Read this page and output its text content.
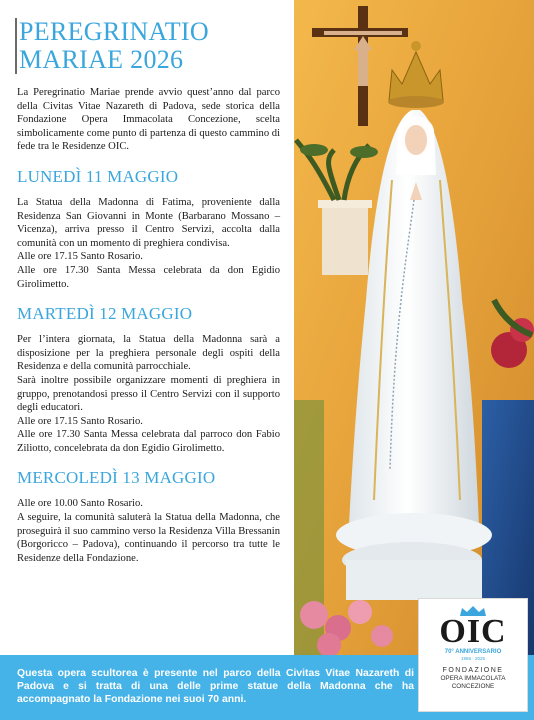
PEREGRINATIO
MARIAE 2026

La Peregrinatio Mariae prende avvio quest’anno dal parco della Civitas Vitae Nazareth di Padova, sede storica della Fondazione Opera Immacolata Concezione, scelta simbolicamente come punto di partenza di questo cammino di fede tra le Residenze OIC.

LUNEDÌ 11 MAGGIO

La Statua della Madonna di Fatima, proveniente dalla Residenza San Giovanni in Monte (Barbarano Mossano – Vicenza), arriva presso il Centro Servizi, accolta dalla comunità con un momento di preghiera condivisa.

Alle ore 17.15 Santo Rosario.

Alle ore 17.30 Santa Messa celebrata da don Egidio Girolimetto.

MARTEDÌ 12 MAGGIO

Per l’intera giornata, la Statua della Madonna sarà a disposizione per la preghiera personale degli ospiti della Residenza e della comunità parrocchiale.

Sarà inoltre possibile organizzare momenti di preghiera in gruppo, prenotandosi presso il Centro Servizi con il supporto degli educatori.

Alle ore 17.15 Santo Rosario.

Alle ore 17.30 Santa Messa celebrata dal parroco don Fabio Ziliotto, concelebrata da don Egidio Girolimetto.

MERCOLEDÌ 13 MAGGIO

Alle ore 10.00 Santo Rosario.

A seguire, la comunità saluterà la Statua della Madonna, che proseguirà il suo cammino verso la Residenza Villa Bressanin (Borgoricco – Padova), continuando il percorso tra tutte le Residenze della Fondazione.

Questa opera scultorea è presente nel parco della Civitas Vitae Nazareth di Padova e si tratta di una delle prime statue della Madonna che ha accompagnato la Fondazione nei suoi 70 anni.

OIC
70° ANNIVERSARIO
1955 · 2025
FONDAZIONE
OPERA IMMACOLATA
CONCEZIONE
